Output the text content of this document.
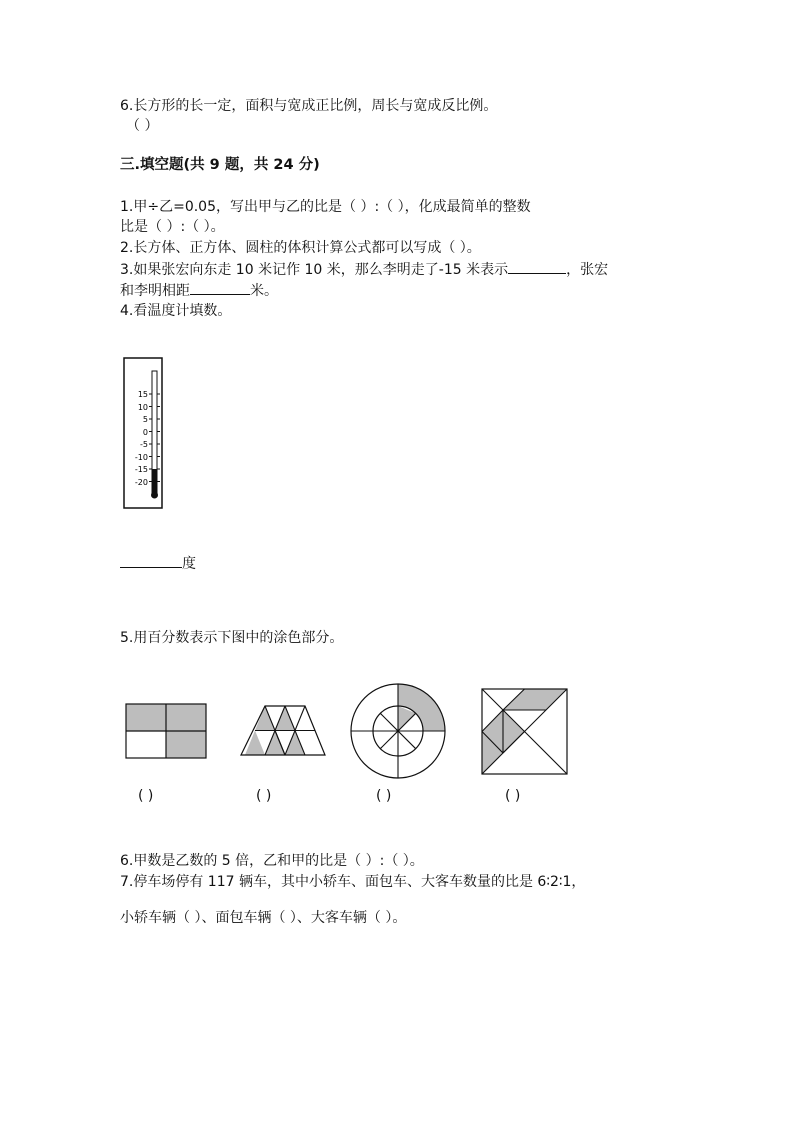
6.长方形的长一定，面积与宽成正比例，周长与宽成反比例。
（ ）
三.填空题(共 9 题，共 24 分)
1.甲÷乙=0.05，写出甲与乙的比是（ ）:（ ），化成最简单的整数
比是（ ）:（ ）。
2.长方体、正方体、圆柱的体积计算公式都可以写成（ ）。
3.如果张宏向东走 10 米记作 10 米，那么李明走了-15 米表示	，张宏
和李明相距	米。
4.看温度计填数。
15
10
5
0
-5
-10
-15
-20
度
5.用百分数表示下图中的涂色部分。
( )	( )	( )	( )
6.甲数是乙数的 5 倍，乙和甲的比是（ ）:（ ）。
7.停车场停有 117 辆车，其中小轿车、面包车、大客车数量的比是 6∶2∶1，
小轿车辆（ ）、面包车辆（ ）、大客车辆（ ）。
